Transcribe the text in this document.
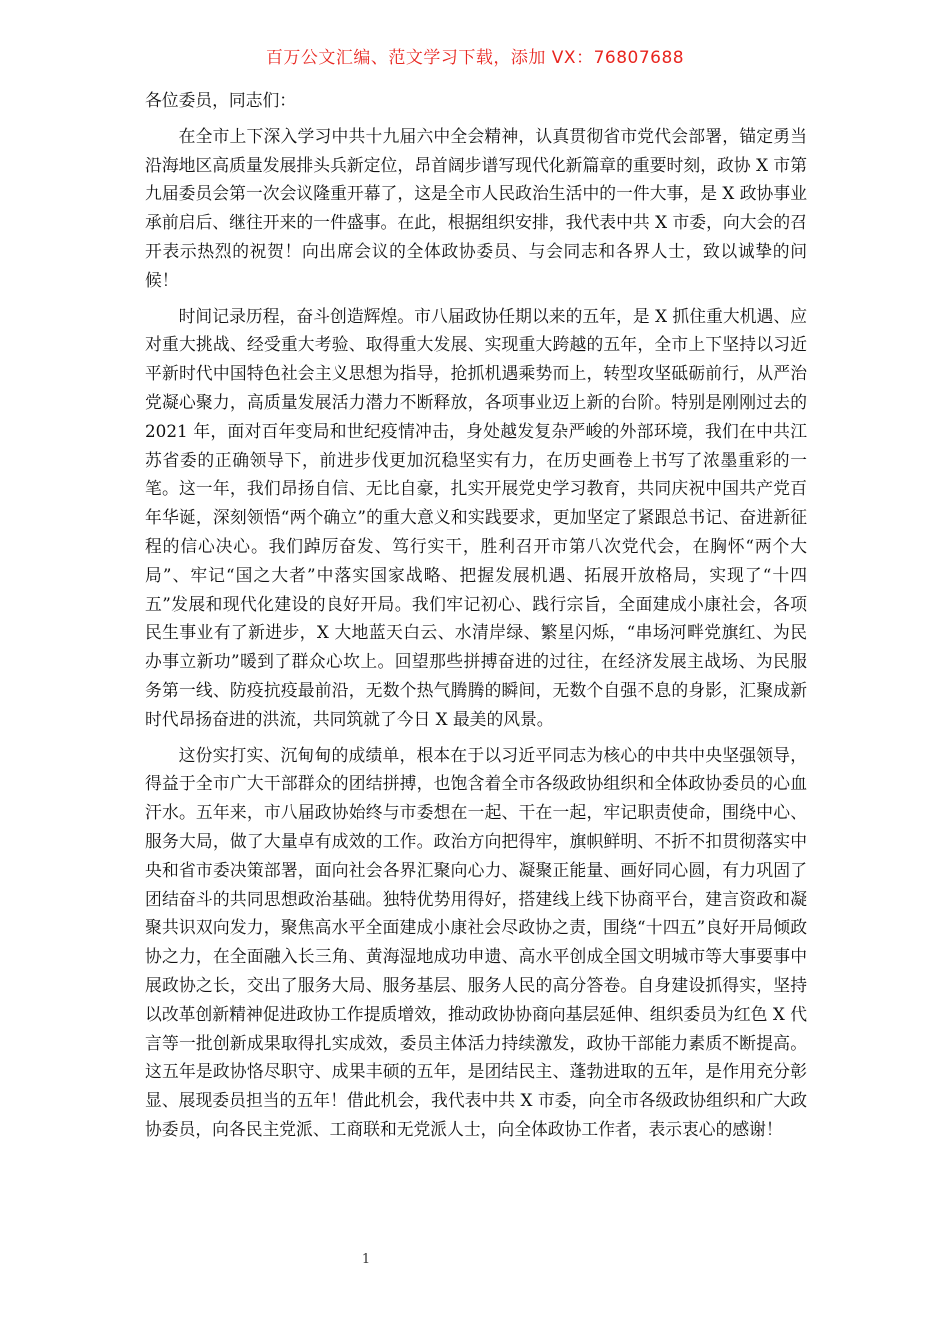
百万公文汇编、范文学习下载，添加 VX：76807688

各位委员，同志们：

在全市上下深入学习中共十九届六中全会精神，认真贯彻省市党代会部署，锚定勇当沿海地区高质量发展排头兵新定位，昂首阔步谱写现代化新篇章的重要时刻，政协 X 市第九届委员会第一次会议隆重开幕了，这是全市人民政治生活中的一件大事，是 X 政协事业承前启后、继往开来的一件盛事。在此，根据组织安排，我代表中共 X 市委，向大会的召开表示热烈的祝贺！向出席会议的全体政协委员、与会同志和各界人士，致以诚挚的问候！

时间记录历程，奋斗创造辉煌。市八届政协任期以来的五年，是 X 抓住重大机遇、应对重大挑战、经受重大考验、取得重大发展、实现重大跨越的五年，全市上下坚持以习近平新时代中国特色社会主义思想为指导，抢抓机遇乘势而上，转型攻坚砥砺前行，从严治党凝心聚力，高质量发展活力潜力不断释放，各项事业迈上新的台阶。特别是刚刚过去的 2021 年，面对百年变局和世纪疫情冲击，身处越发复杂严峻的外部环境，我们在中共江苏省委的正确领导下，前进步伐更加沉稳坚实有力，在历史画卷上书写了浓墨重彩的一笔。这一年，我们昂扬自信、无比自豪，扎实开展党史学习教育，共同庆祝中国共产党百年华诞，深刻领悟“两个确立”的重大意义和实践要求，更加坚定了紧跟总书记、奋进新征程的信心决心。我们踔厉奋发、笃行实干，胜利召开市第八次党代会，在胸怀“两个大局”、牢记“国之大者”中落实国家战略、把握发展机遇、拓展开放格局，实现了“十四五”发展和现代化建设的良好开局。我们牢记初心、践行宗旨，全面建成小康社会，各项民生事业有了新进步，X 大地蓝天白云、水清岸绿、繁星闪烁，“串场河畔党旗红、为民办事立新功”暖到了群众心坎上。回望那些拼搏奋进的过往，在经济发展主战场、为民服务第一线、防疫抗疫最前沿，无数个热气腾腾的瞬间，无数个自强不息的身影，汇聚成新时代昂扬奋进的洪流，共同筑就了今日 X 最美的风景。

这份实打实、沉甸甸的成绩单，根本在于以习近平同志为核心的中共中央坚强领导，得益于全市广大干部群众的团结拼搏，也饱含着全市各级政协组织和全体政协委员的心血汗水。五年来，市八届政协始终与市委想在一起、干在一起，牢记职责使命，围绕中心、服务大局，做了大量卓有成效的工作。政治方向把得牢，旗帜鲜明、不折不扣贯彻落实中央和省市委决策部署，面向社会各界汇聚向心力、凝聚正能量、画好同心圆，有力巩固了团结奋斗的共同思想政治基础。独特优势用得好，搭建线上线下协商平台，建言资政和凝聚共识双向发力，聚焦高水平全面建成小康社会尽政协之责，围绕“十四五”良好开局倾政协之力，在全面融入长三角、黄海湿地成功申遗、高水平创成全国文明城市等大事要事中展政协之长，交出了服务大局、服务基层、服务人民的高分答卷。自身建设抓得实，坚持以改革创新精神促进政协工作提质增效，推动政协协商向基层延伸、组织委员为红色 X 代言等一批创新成果取得扎实成效，委员主体活力持续激发，政协干部能力素质不断提高。这五年是政协恪尽职守、成果丰硕的五年，是团结民主、蓬勃进取的五年，是作用充分彰显、展现委员担当的五年！借此机会，我代表中共 X 市委，向全市各级政协组织和广大政协委员，向各民主党派、工商联和无党派人士，向全体政协工作者，表示衷心的感谢！

1
